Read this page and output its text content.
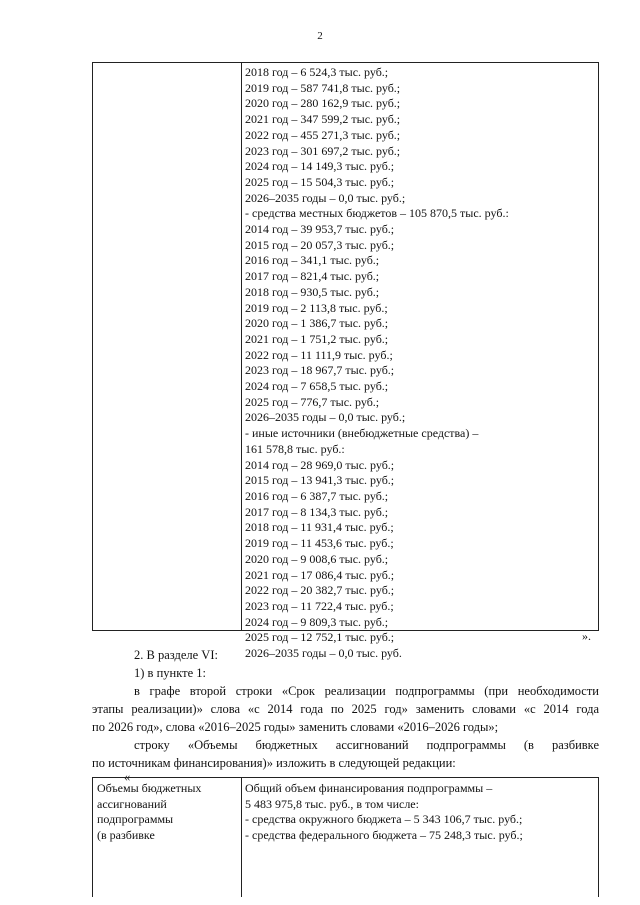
2
2018 год – 6 524,3 тыс. руб.;
2019 год – 587 741,8 тыс. руб.;
2020 год – 280 162,9 тыс. руб.;
2021 год – 347 599,2 тыс. руб.;
2022 год – 455 271,3 тыс. руб.;
2023 год – 301 697,2 тыс. руб.;
2024 год – 14 149,3 тыс. руб.;
2025 год – 15 504,3 тыс. руб.;
2026–2035 годы – 0,0 тыс. руб.;
- средства местных бюджетов – 105 870,5 тыс. руб.:
2014 год – 39 953,7 тыс. руб.;
2015 год – 20 057,3 тыс. руб.;
2016 год – 341,1 тыс. руб.;
2017 год – 821,4 тыс. руб.;
2018 год – 930,5 тыс. руб.;
2019 год – 2 113,8 тыс. руб.;
2020 год – 1 386,7 тыс. руб.;
2021 год – 1 751,2 тыс. руб.;
2022 год – 11 111,9 тыс. руб.;
2023 год – 18 967,7 тыс. руб.;
2024 год – 7 658,5 тыс. руб.;
2025 год – 776,7 тыс. руб.;
2026–2035 годы – 0,0 тыс. руб.;
- иные источники (внебюджетные средства) –
161 578,8 тыс. руб.:
2014 год – 28 969,0 тыс. руб.;
2015 год – 13 941,3 тыс. руб.;
2016 год – 6 387,7 тыс. руб.;
2017 год – 8 134,3 тыс. руб.;
2018 год – 11 931,4 тыс. руб.;
2019 год – 11 453,6 тыс. руб.;
2020 год – 9 008,6 тыс. руб.;
2021 год – 17 086,4 тыс. руб.;
2022 год – 20 382,7 тыс. руб.;
2023 год – 11 722,4 тыс. руб.;
2024 год – 9 809,3 тыс. руб.;
2025 год – 12 752,1 тыс. руб.;
2026–2035 годы – 0,0 тыс. руб.
».
2. В разделе VI:
1) в пункте 1:
в графе второй строки «Срок реализации подпрограммы (при необходимости
этапы реализации)» слова «с 2014 года по 2025 год» заменить словами «с 2014 года
по 2026 год», слова «2016–2025 годы» заменить словами «2016–2026 годы»;
строку «Объемы бюджетных ассигнований подпрограммы (в разбивке
по источникам финансирования)» изложить в следующей редакции:
«
Объемы бюджетных
ассигнований
подпрограммы
(в разбивке
Общий объем финансирования подпрограммы –
5 483 975,8 тыс. руб., в том числе:
- средства окружного бюджета – 5 343 106,7 тыс. руб.;
- средства федерального бюджета – 75 248,3 тыс. руб.;
